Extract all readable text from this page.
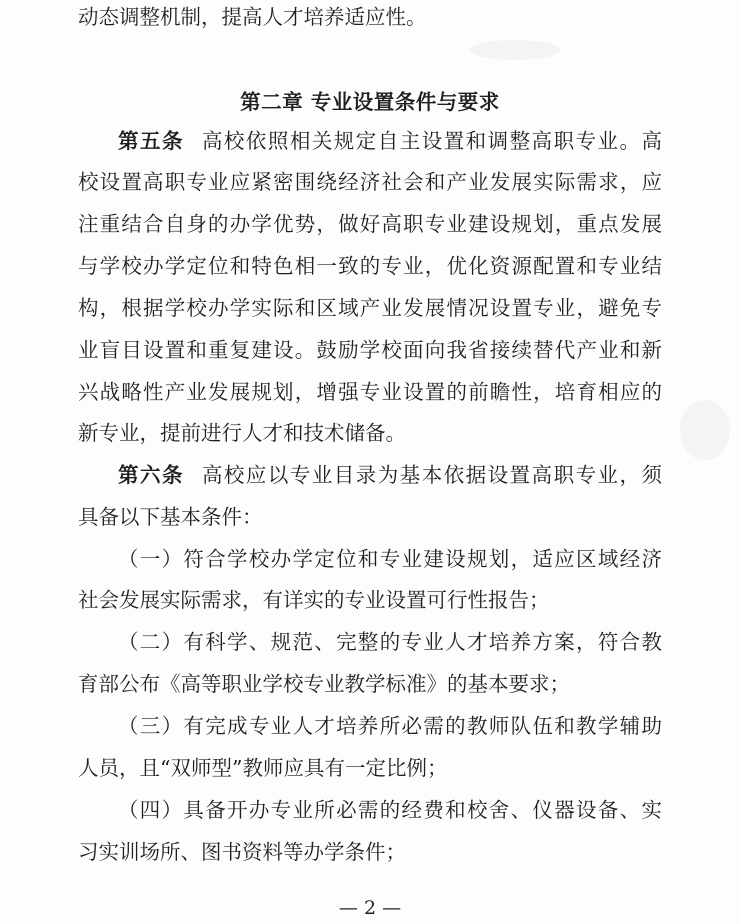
动态调整机制，提高人才培养适应性。
第二章 专业设置条件与要求
第五条 高校依照相关规定自主设置和调整高职专业。高
校设置高职专业应紧密围绕经济社会和产业发展实际需求，应
注重结合自身的办学优势，做好高职专业建设规划，重点发展
与学校办学定位和特色相一致的专业，优化资源配置和专业结
构，根据学校办学实际和区域产业发展情况设置专业，避免专
业盲目设置和重复建设。鼓励学校面向我省接续替代产业和新
兴战略性产业发展规划，增强专业设置的前瞻性，培育相应的
新专业，提前进行人才和技术储备。
第六条 高校应以专业目录为基本依据设置高职专业，须
具备以下基本条件：
（一）符合学校办学定位和专业建设规划，适应区域经济
社会发展实际需求，有详实的专业设置可行性报告；
（二）有科学、规范、完整的专业人才培养方案，符合教
育部公布《高等职业学校专业教学标准》的基本要求；
（三）有完成专业人才培养所必需的教师队伍和教学辅助
人员，且“双师型”教师应具有一定比例；
（四）具备开办专业所必需的经费和校舍、仪器设备、实
习实训场所、图书资料等办学条件；
— 2 —
